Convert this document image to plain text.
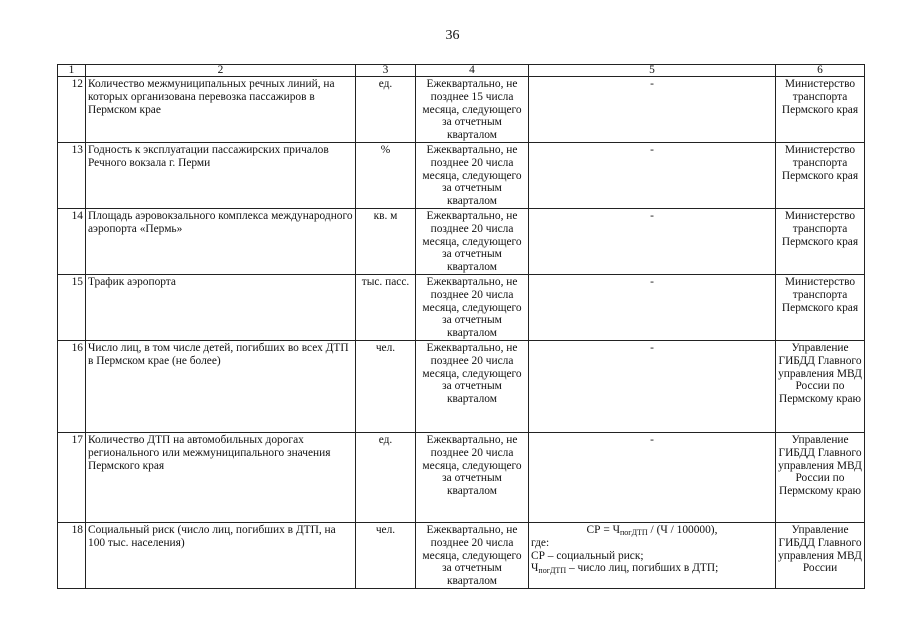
36
1	2	3	4	5	6
12	Количество межмуниципальных речных линий, на которых организована перевозка пассажиров в Пермском крае	ед.	Ежеквартально, не позднее 15 числа месяца, следующего за отчетным кварталом	-	Министерство транспорта Пермского края
13	Годность к эксплуатации пассажирских причалов Речного вокзала г. Перми	%	Ежеквартально, не позднее 20 числа месяца, следующего за отчетным кварталом	-	Министерство транспорта Пермского края
14	Площадь аэровокзального комплекса международного аэропорта «Пермь»	кв. м	Ежеквартально, не позднее 20 числа месяца, следующего за отчетным кварталом	-	Министерство транспорта Пермского края
15	Трафик аэропорта	тыс. пасс.	Ежеквартально, не позднее 20 числа месяца, следующего за отчетным кварталом	-	Министерство транспорта Пермского края
16	Число лиц, в том числе детей, погибших во всех ДТП в Пермском крае (не более)	чел.	Ежеквартально, не позднее 20 числа месяца, следующего за отчетным кварталом	-	Управление ГИБДД Главного управления МВД России по Пермскому краю
17	Количество ДТП на автомобильных дорогах регионального или межмуниципального значения Пермского края	ед.	Ежеквартально, не позднее 20 числа месяца, следующего за отчетным кварталом	-	Управление ГИБДД Главного управления МВД России по Пермскому краю
18	Социальный риск (число лиц, погибших в ДТП, на 100 тыс. населения)	чел.	Ежеквартально, не позднее 20 числа месяца, следующего за отчетным кварталом	СР = $Ч_{погДТП} / (Ч / 100000)$,
где:
СР – социальный риск;
$Ч_{погДТП}$ – число лиц, погибших в ДТП;	Управление ГИБДД Главного управления МВД России
